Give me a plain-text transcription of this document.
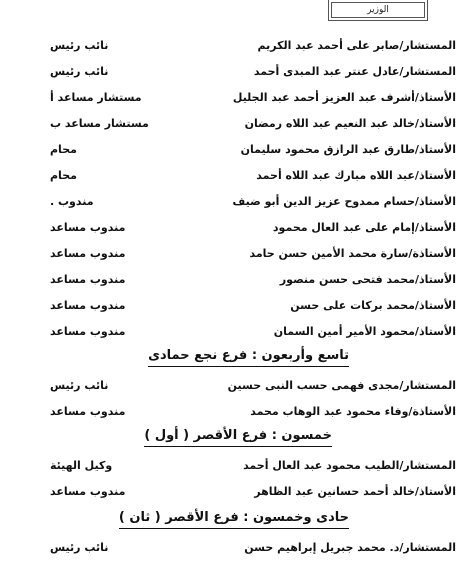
الوزير
المستشار/صابر على أحمد عبد الكريم
نائب رئيس
المستشار/عادل عنتر عبد المبدى أحمد
نائب رئيس
الأستاذ/أشرف عبد العزيز أحمد عبد الجليل
مستشار مساعد أ
الأستاذ/خالد عبد النعيم عبد اللاه رمضان
مستشار مساعد ب
الأستاذ/طارق عبد الرازق محمود سليمان
محام
الأستاذ/عبد اللاه مبارك عبد اللاه أحمد
محام
الأستاذ/حسام ممدوح عزيز الدين أبو ضيف
مندوب .
الأستاذ/إمام على عبد العال محمود
مندوب مساعد
الأستاذة/سارة محمد الأمين حسن حامد
مندوب مساعد
الأستاذ/محمد فتحى حسن منصور
مندوب مساعد
الأستاذ/محمد بركات على حسن
مندوب مساعد
الأستاذ/محمود الأمير أمين السمان
مندوب مساعد
تاسع وأربعون : فرع نجع حمادى
المستشار/مجدى فهمى حسب النبى حسين
نائب رئيس
الأستاذة/وفاء محمود عبد الوهاب محمد
مندوب مساعد
خمسون : فرع الأقصر ( أول )
المستشار/الطيب محمود عبد العال أحمد
وكيل الهيئة
الأستاذ/خالد أحمد حسانين عبد الظاهر
مندوب مساعد
حادى وخمسون : فرع الأقصر ( ثان )
المستشار/د. محمد جبريل إبراهيم حسن
نائب رئيس
